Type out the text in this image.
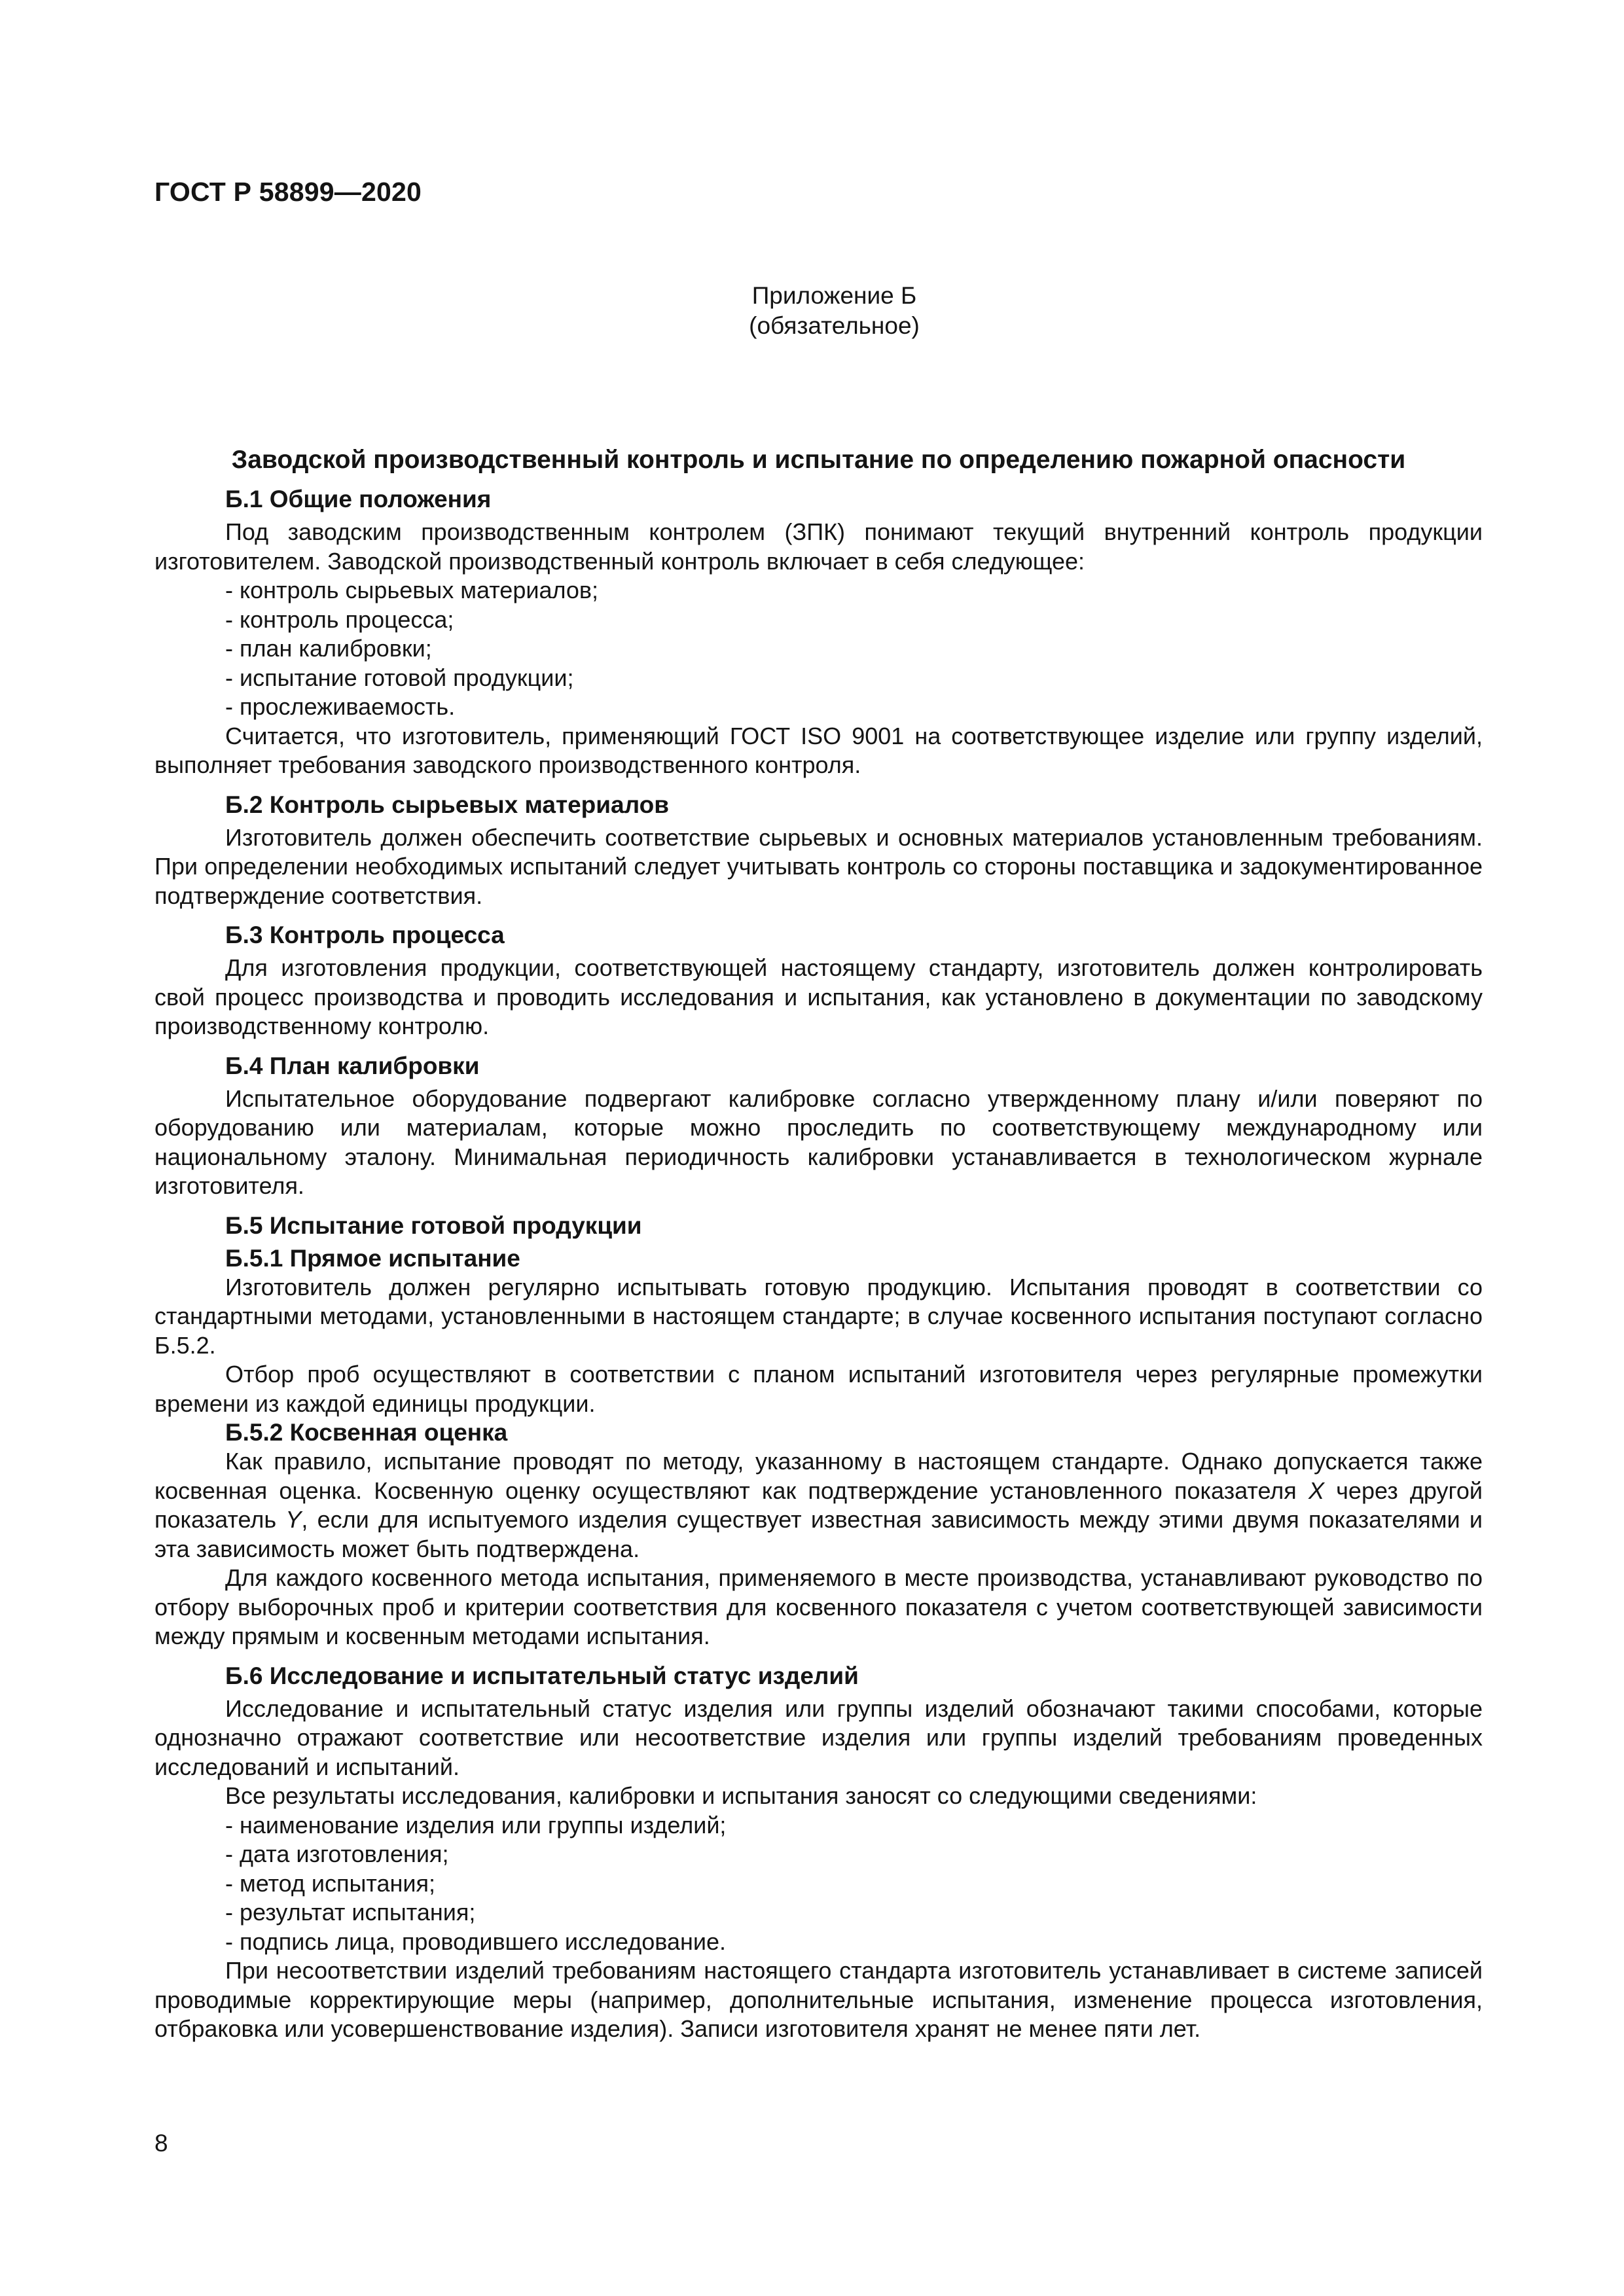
ГОСТ Р 58899—2020
Приложение Б
(обязательное)
Заводской производственный контроль и испытание по определению пожарной опасности
Б.1 Общие положения

Под заводским производственным контролем (ЗПК) понимают текущий внутренний контроль продукции изготовителем. Заводской производственный контроль включает в себя следующее:

- контроль сырьевых материалов;
- контроль процесса;
- план калибровки;
- испытание готовой продукции;
- прослеживаемость.

Считается, что изготовитель, применяющий ГОСТ ISO 9001 на соответствующее изделие или группу изделий, выполняет требования заводского производственного контроля.

Б.2 Контроль сырьевых материалов

Изготовитель должен обеспечить соответствие сырьевых и основных материалов установленным требованиям. При определении необходимых испытаний следует учитывать контроль со стороны поставщика и задокументированное подтверждение соответствия.

Б.3 Контроль процесса

Для изготовления продукции, соответствующей настоящему стандарту, изготовитель должен контролировать свой процесс производства и проводить исследования и испытания, как установлено в документации по заводскому производственному контролю.

Б.4 План калибровки

Испытательное оборудование подвергают калибровке согласно утвержденному плану и/или поверяют по оборудованию или материалам, которые можно проследить по соответствующему международному или национальному эталону. Минимальная периодичность калибровки устанавливается в технологическом журнале изготовителя.

Б.5 Испытание готовой продукции
Б.5.1 Прямое испытание

Изготовитель должен регулярно испытывать готовую продукцию. Испытания проводят в соответствии со стандартными методами, установленными в настоящем стандарте; в случае косвенного испытания поступают согласно Б.5.2.

Отбор проб осуществляют в соответствии с планом испытаний изготовителя через регулярные промежутки времени из каждой единицы продукции.

Б.5.2 Косвенная оценка

Как правило, испытание проводят по методу, указанному в настоящем стандарте. Однако допускается также косвенная оценка. Косвенную оценку осуществляют как подтверждение установленного показателя X через другой показатель Y, если для испытуемого изделия существует известная зависимость между этими двумя показателями и эта зависимость может быть подтверждена.

Для каждого косвенного метода испытания, применяемого в месте производства, устанавливают руководство по отбору выборочных проб и критерии соответствия для косвенного показателя с учетом соответствующей зависимости между прямым и косвенным методами испытания.

Б.6 Исследование и испытательный статус изделий

Исследование и испытательный статус изделия или группы изделий обозначают такими способами, которые однозначно отражают соответствие или несоответствие изделия или группы изделий требованиям проведенных исследований и испытаний.

Все результаты исследования, калибровки и испытания заносят со следующими сведениями:

- наименование изделия или группы изделий;
- дата изготовления;
- метод испытания;
- результат испытания;
- подпись лица, проводившего исследование.

При несоответствии изделий требованиям настоящего стандарта изготовитель устанавливает в системе записей проводимые корректирующие меры (например, дополнительные испытания, изменение процесса изготовления, отбраковка или усовершенствование изделия). Записи изготовителя хранят не менее пяти лет.

8
